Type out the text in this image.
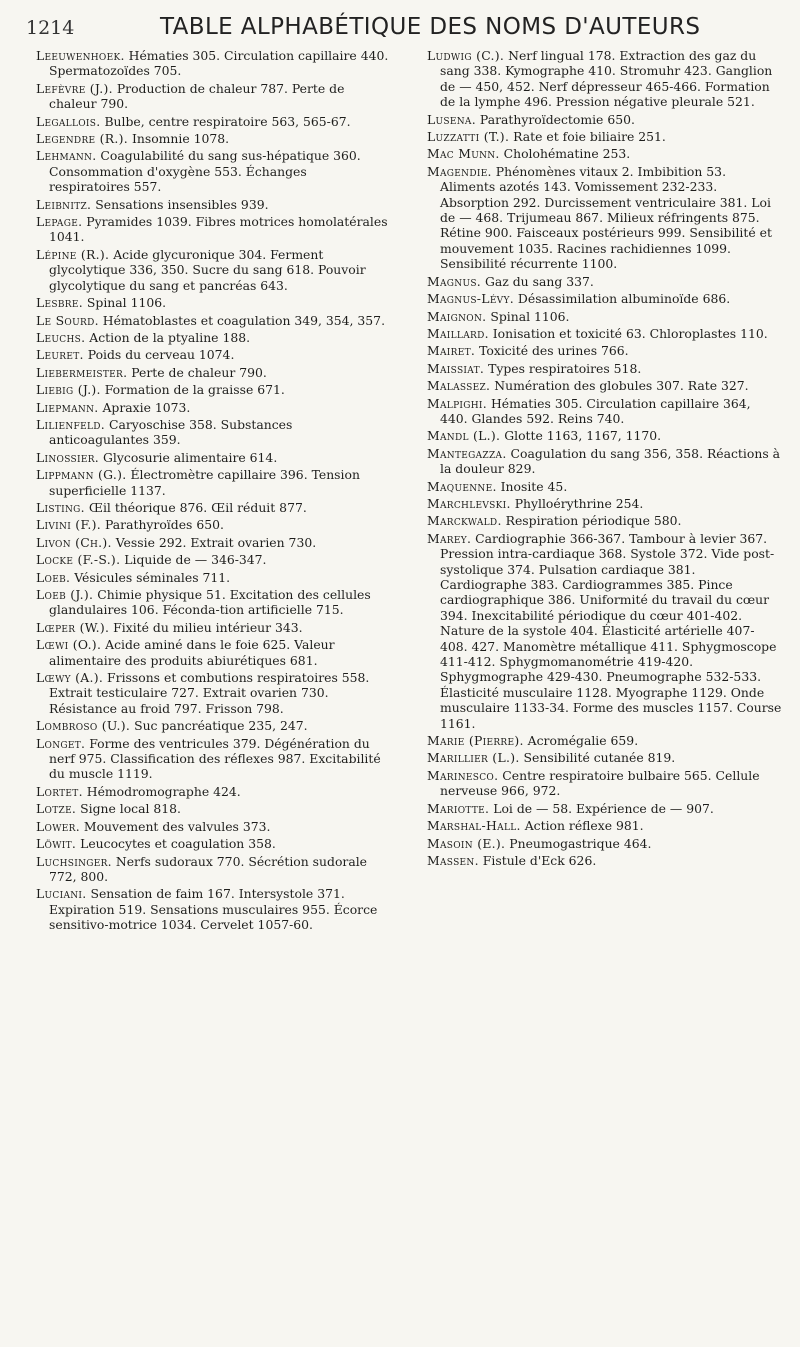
1214	TABLE ALPHABÉTIQUE DES NOMS D'AUTEURS

Leeuwenhoek. Hématies 305. Circulation capillaire 440. Spermatozoïdes 705.

Lefèvre (J.). Production de chaleur 787. Perte de chaleur 790.

Legallois. Bulbe, centre respiratoire 563, 565-67.

Legendre (R.). Insomnie 1078.

Lehmann. Coagulabilité du sang sus-hépatique 360. Consommation d'oxygène 553. Échanges respiratoires 557.

Leibnitz. Sensations insensibles 939.

Lepage. Pyramides 1039. Fibres motrices homolatérales 1041.

Lépine (R.). Acide glycuronique 304. Ferment glycolytique 336, 350. Sucre du sang 618. Pouvoir glycolytique du sang et pancréas 643.

Lesbre. Spinal 1106.

Le Sourd. Hématoblastes et coagulation 349, 354, 357.

Leuchs. Action de la ptyaline 188.

Leuret. Poids du cerveau 1074.

Liebermeister. Perte de chaleur 790.

Liebig (J.). Formation de la graisse 671.

Liepmann. Apraxie 1073.

Lilienfeld. Caryoschise 358. Substances anticoagulantes 359.

Linossier. Glycosurie alimentaire 614.

Lippmann (G.). Électromètre capillaire 396. Tension superficielle 1137.

Listing. Œil théorique 876. Œil réduit 877.

Livini (F.). Parathyroïdes 650.

Livon (Ch.). Vessie 292. Extrait ovarien 730.

Locke (F.-S.). Liquide de — 346-347.

Loeb. Vésicules séminales 711.

Loeb (J.). Chimie physique 51. Excitation des cellules glandulaires 106. Féconda-tion artificielle 715.

Lœper (W.). Fixité du milieu intérieur 343.

Lœwi (O.). Acide aminé dans le foie 625. Valeur alimentaire des produits abiurétiques 681.

Lœwy (A.). Frissons et combutions respiratoires 558. Extrait testiculaire 727. Extrait ovarien 730. Résistance au froid 797. Frisson 798.

Lombroso (U.). Suc pancréatique 235, 247.

Longet. Forme des ventricules 379. Dégénération du nerf 975. Classification des réflexes 987. Excitabilité du muscle 1119.

Lortet. Hémodromographe 424.

Lotze. Signe local 818.

Lower. Mouvement des valvules 373.

Löwit. Leucocytes et coagulation 358.

Luchsinger. Nerfs sudoraux 770. Sécrétion sudorale 772, 800.

Luciani. Sensation de faim 167. Intersystole 371. Expiration 519. Sensations musculaires 955. Écorce sensitivo-motrice 1034. Cervelet 1057-60.

Ludwig (C.). Nerf lingual 178. Extraction des gaz du sang 338. Kymographe 410. Stromuhr 423. Ganglion de — 450, 452. Nerf dépresseur 465-466. Formation de la lymphe 496. Pression négative pleurale 521.

Lusena. Parathyroïdectomie 650.

Luzzatti (T.). Rate et foie biliaire 251.

Mac Munn. Cholohématine 253.

Magendie. Phénomènes vitaux 2. Imbibition 53. Aliments azotés 143. Vomissement 232-233. Absorption 292. Durcissement ventriculaire 381. Loi de — 468. Trijumeau 867. Milieux réfringents 875. Rétine 900. Faisceaux postérieurs 999. Sensibilité et mouvement 1035. Racines rachidiennes 1099. Sensibilité récurrente 1100.

Magnus. Gaz du sang 337.

Magnus-Lévy. Désassimilation albuminoïde 686.

Maignon. Spinal 1106.

Maillard. Ionisation et toxicité 63. Chloroplastes 110.

Mairet. Toxicité des urines 766.

Maissiat. Types respiratoires 518.

Malassez. Numération des globules 307. Rate 327.

Malpighi. Hématies 305. Circulation capillaire 364, 440. Glandes 592. Reins 740.

Mandl (L.). Glotte 1163, 1167, 1170.

Mantegazza. Coagulation du sang 356, 358. Réactions à la douleur 829.

Maquenne. Inosite 45.

Marchlevski. Phylloérythrine 254.

Marckwald. Respiration périodique 580.

Marey. Cardiographie 366-367. Tambour à levier 367. Pression intra-cardiaque 368. Systole 372. Vide post-systolique 374. Pulsation cardiaque 381. Cardiographe 383. Cardiogrammes 385. Pince cardiographique 386. Uniformité du travail du cœur 394. Inexcitabilité périodique du cœur 401-402. Nature de la systole 404. Élasticité artérielle 407-408. 427. Manomètre métallique 411. Sphygmoscope 411-412. Sphygmomanométrie 419-420. Sphygmographe 429-430. Pneumographe 532-533. Élasticité musculaire 1128. Myographe 1129. Onde musculaire 1133-34. Forme des muscles 1157. Course 1161.

Marie (Pierre). Acromégalie 659.

Marillier (L.). Sensibilité cutanée 819.

Marinesco. Centre respiratoire bulbaire 565. Cellule nerveuse 966, 972.

Mariotte. Loi de — 58. Expérience de — 907.

Marshal-Hall. Action réflexe 981.

Masoin (E.). Pneumogastrique 464.

Massen. Fistule d'Eck 626.
